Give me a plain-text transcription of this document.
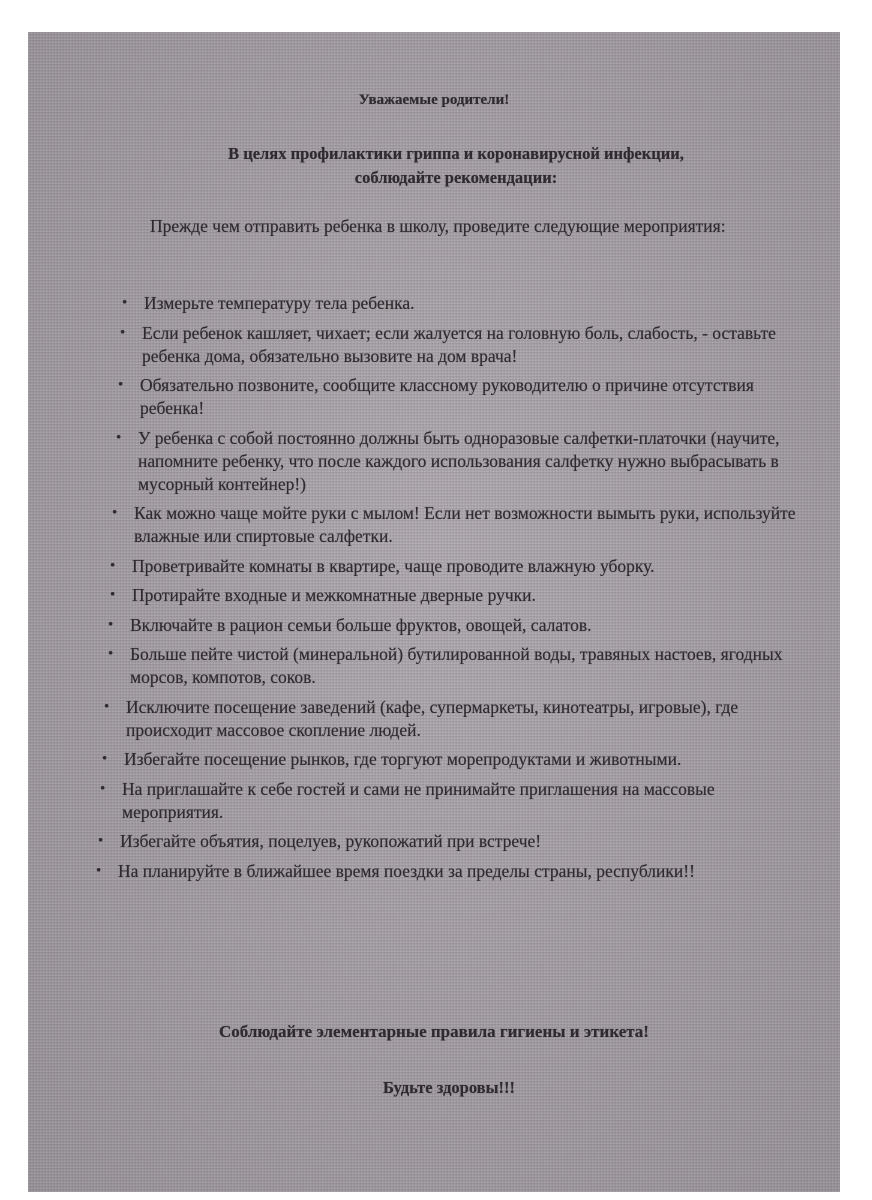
Уважаемые родители!
В целях профилактики гриппа и коронавирусной инфекции,
соблюдайте рекомендации:

Прежде чем отправить ребенка в школу, проведите следующие мероприятия:

• Измерьте температуру тела ребенка.
• Если ребенок кашляет, чихает; если жалуется на головную боль, слабость, - оставьте ребенка дома, обязательно вызовите на дом врача!
• Обязательно позвоните, сообщите классному руководителю о причине отсутствия ребенка!
• У ребенка с собой постоянно должны быть одноразовые салфетки-платочки (научите, напомните ребенку, что после каждого использования салфетку нужно выбрасывать в мусорный контейнер!)
• Как можно чаще мойте руки с мылом! Если нет возможности вымыть руки, используйте влажные или спиртовые салфетки.
• Проветривайте комнаты в квартире, чаще проводите влажную уборку.
• Протирайте входные и межкомнатные дверные ручки.
• Включайте в рацион семьи больше фруктов, овощей, салатов.
• Больше пейте чистой (минеральной) бутилированной воды, травяных настоев, ягодных морсов, компотов, соков.
• Исключите посещение заведений (кафе, супермаркеты, кинотеатры, игровые), где происходит массовое скопление людей.
• Избегайте посещение рынков, где торгуют морепродуктами и животными.
• На приглашайте к себе гостей и сами не принимайте приглашения на массовые мероприятия.
• Избегайте объятия, поцелуев, рукопожатий при встрече!
• На планируйте в ближайшее время поездки за пределы страны, республики!!

Соблюдайте элементарные правила гигиены и этикета!

Будьте здоровы!!!
